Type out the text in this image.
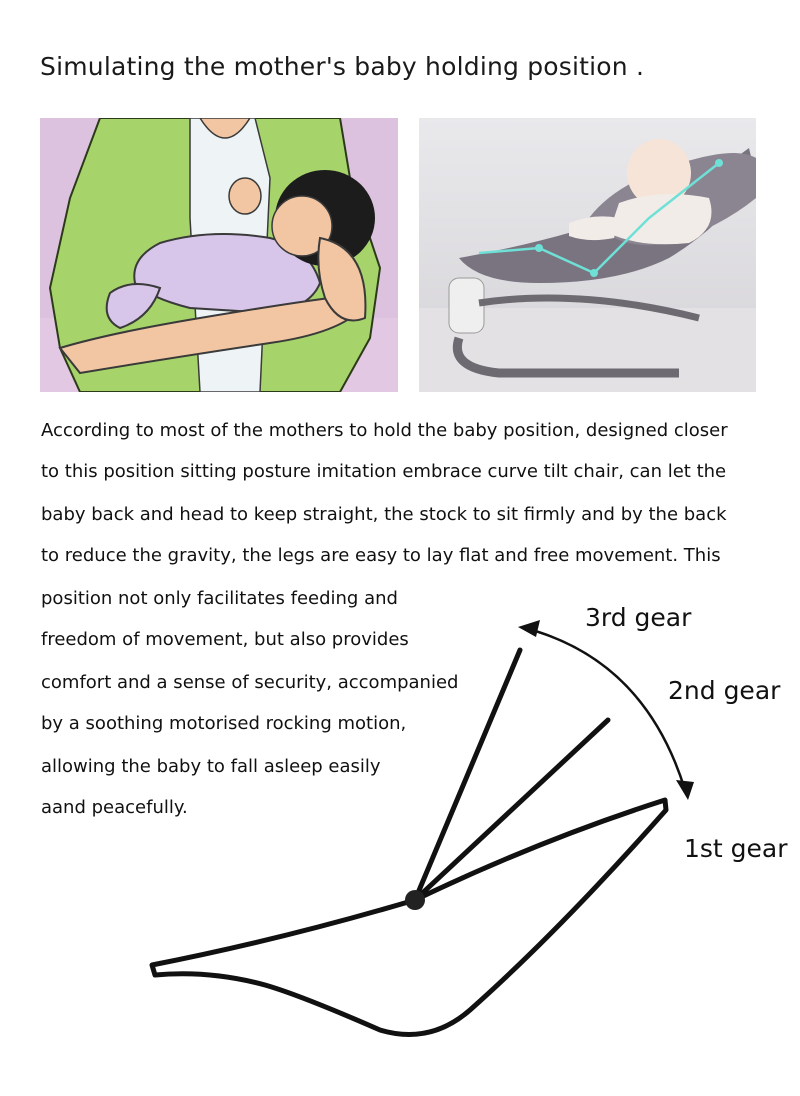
Simulating the mother's baby holding position .
According to most of the mothers to hold the baby position, designed closer
to this position sitting posture imitation embrace curve tilt chair, can let the
baby back and head to keep straight, the stock to sit firmly and by the back
to reduce the gravity, the legs are easy to lay flat and free movement. This
position not only facilitates feeding and
freedom of movement, but also provides
comfort and a sense of security, accompanied
by a soothing motorised rocking motion,
allowing the baby to fall asleep easily
aand peacefully.
3rd gear
2nd gear
1st gear
